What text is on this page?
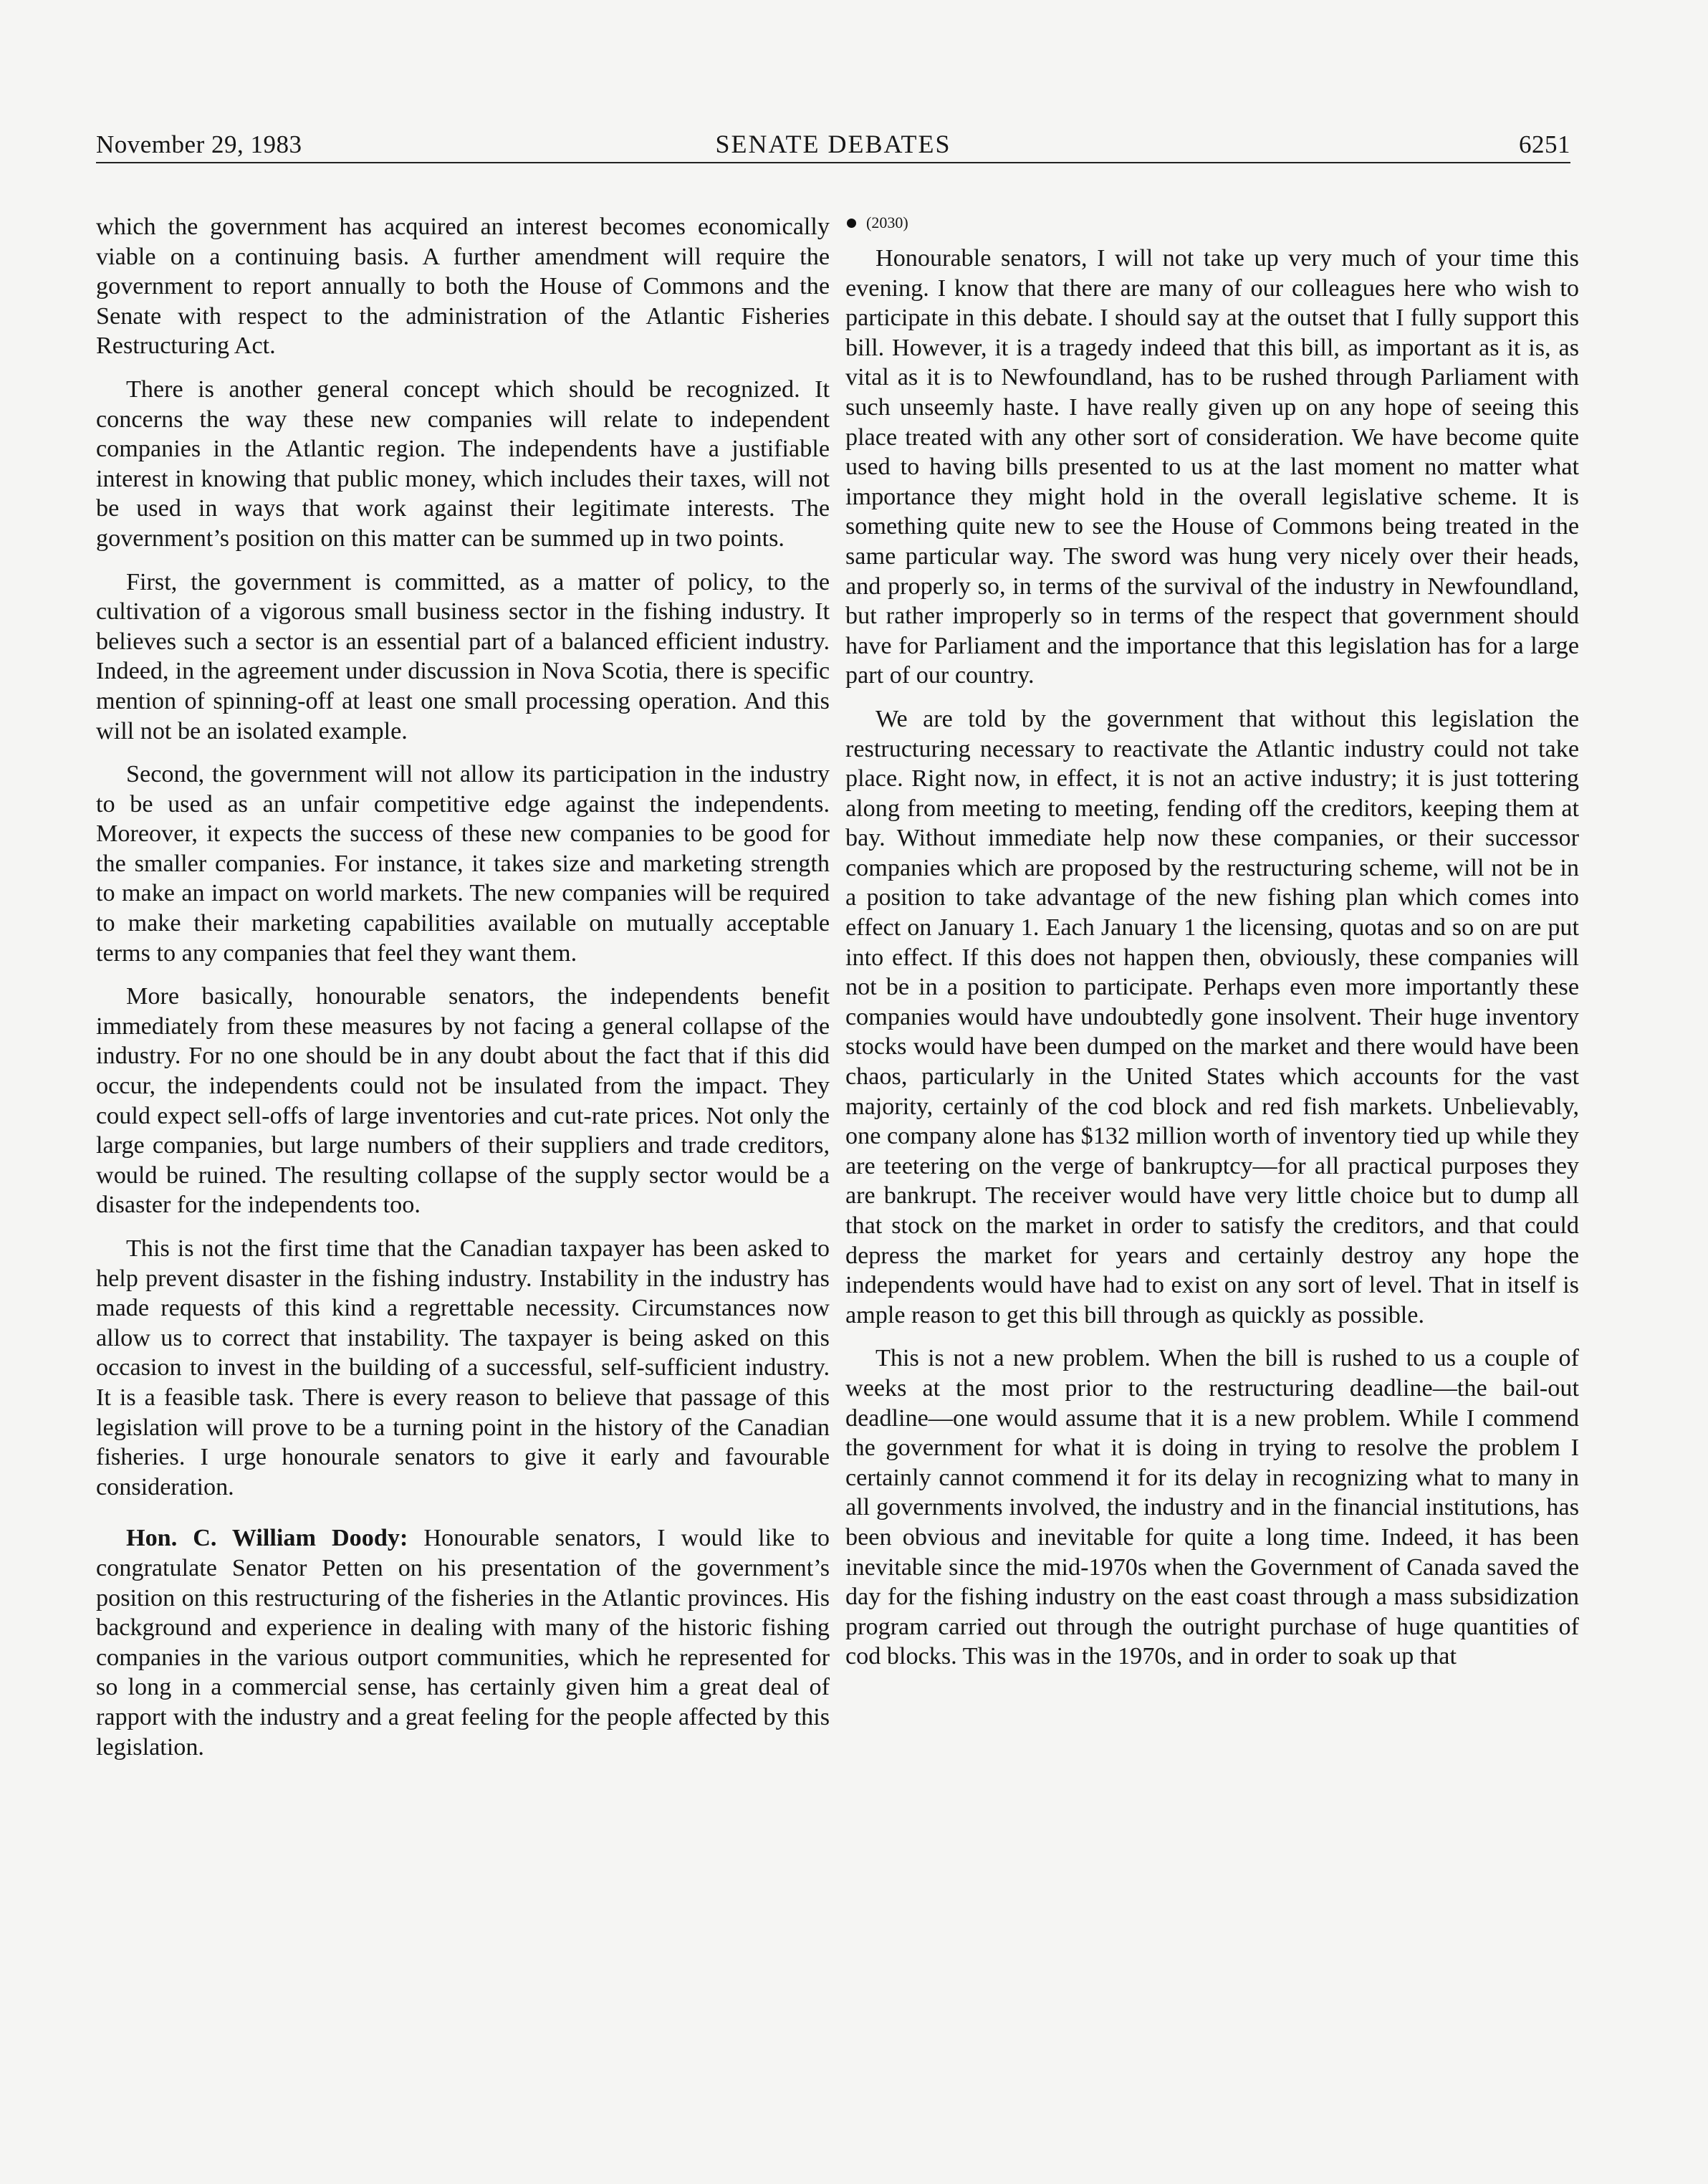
November 29, 1983	SENATE DEBATES	6251

which the government has acquired an interest becomes economically viable on a continuing basis. A further amendment will require the government to report annually to both the House of Commons and the Senate with respect to the administration of the Atlantic Fisheries Restructuring Act.

There is another general concept which should be recognized. It concerns the way these new companies will relate to independent companies in the Atlantic region. The independents have a justifiable interest in knowing that public money, which includes their taxes, will not be used in ways that work against their legitimate interests. The government’s position on this matter can be summed up in two points.

First, the government is committed, as a matter of policy, to the cultivation of a vigorous small business sector in the fishing industry. It believes such a sector is an essential part of a balanced efficient industry. Indeed, in the agreement under discussion in Nova Scotia, there is specific mention of spinning-off at least one small processing operation. And this will not be an isolated example.

Second, the government will not allow its participation in the industry to be used as an unfair competitive edge against the independents. Moreover, it expects the success of these new companies to be good for the smaller companies. For instance, it takes size and marketing strength to make an impact on world markets. The new companies will be required to make their marketing capabilities available on mutually acceptable terms to any companies that feel they want them.

More basically, honourable senators, the independents benefit immediately from these measures by not facing a general collapse of the industry. For no one should be in any doubt about the fact that if this did occur, the independents could not be insulated from the impact. They could expect sell-offs of large inventories and cut-rate prices. Not only the large companies, but large numbers of their suppliers and trade creditors, would be ruined. The resulting collapse of the supply sector would be a disaster for the independents too.

This is not the first time that the Canadian taxpayer has been asked to help prevent disaster in the fishing industry. Instability in the industry has made requests of this kind a regrettable necessity. Circumstances now allow us to correct that instability. The taxpayer is being asked on this occasion to invest in the building of a successful, self-sufficient industry. It is a feasible task. There is every reason to believe that passage of this legislation will prove to be a turning point in the history of the Canadian fisheries. I urge honourale senators to give it early and favourable consideration.

Hon. C. William Doody: Honourable senators, I would like to congratulate Senator Petten on his presentation of the government’s position on this restructuring of the fisheries in the Atlantic provinces. His background and experience in dealing with many of the historic fishing companies in the various outport communities, which he represented for so long in a commercial sense, has certainly given him a great deal of rapport with the industry and a great feeling for the people affected by this legislation.

(2030)

Honourable senators, I will not take up very much of your time this evening. I know that there are many of our colleagues here who wish to participate in this debate. I should say at the outset that I fully support this bill. However, it is a tragedy indeed that this bill, as important as it is, as vital as it is to Newfoundland, has to be rushed through Parliament with such unseemly haste. I have really given up on any hope of seeing this place treated with any other sort of consideration. We have become quite used to having bills presented to us at the last moment no matter what importance they might hold in the overall legislative scheme. It is something quite new to see the House of Commons being treated in the same particular way. The sword was hung very nicely over their heads, and properly so, in terms of the survival of the industry in Newfoundland, but rather improperly so in terms of the respect that government should have for Parliament and the importance that this legislation has for a large part of our country.

We are told by the government that without this legislation the restructuring necessary to reactivate the Atlantic industry could not take place. Right now, in effect, it is not an active industry; it is just tottering along from meeting to meeting, fending off the creditors, keeping them at bay. Without immediate help now these companies, or their successor companies which are proposed by the restructuring scheme, will not be in a position to take advantage of the new fishing plan which comes into effect on January 1. Each January 1 the licensing, quotas and so on are put into effect. If this does not happen then, obviously, these companies will not be in a position to participate. Perhaps even more importantly these companies would have undoubtedly gone insolvent. Their huge inventory stocks would have been dumped on the market and there would have been chaos, particularly in the United States which accounts for the vast majority, certainly of the cod block and red fish markets. Unbelievably, one company alone has $132 million worth of inventory tied up while they are teetering on the verge of bankruptcy—for all practical purposes they are bankrupt. The receiver would have very little choice but to dump all that stock on the market in order to satisfy the creditors, and that could depress the market for years and certainly destroy any hope the independents would have had to exist on any sort of level. That in itself is ample reason to get this bill through as quickly as possible.

This is not a new problem. When the bill is rushed to us a couple of weeks at the most prior to the restructuring deadline—the bail-out deadline—one would assume that it is a new problem. While I commend the government for what it is doing in trying to resolve the problem I certainly cannot commend it for its delay in recognizing what to many in all governments involved, the industry and in the financial institutions, has been obvious and inevitable for quite a long time. Indeed, it has been inevitable since the mid-1970s when the Government of Canada saved the day for the fishing industry on the east coast through a mass subsidization program carried out through the outright purchase of huge quantities of cod blocks. This was in the 1970s, and in order to soak up that
